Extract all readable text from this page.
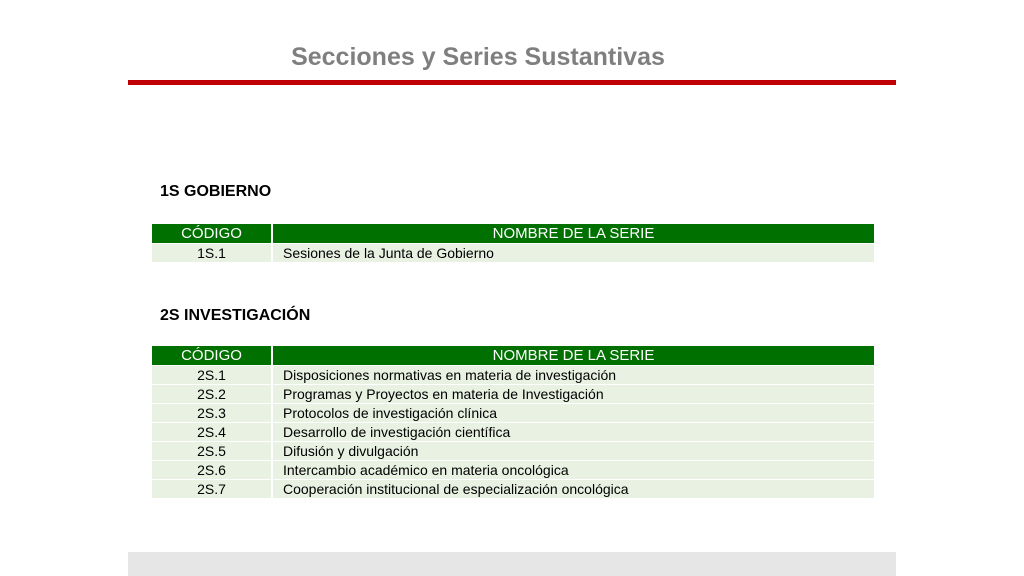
Secciones y Series Sustantivas
1S GOBIERNO
CÓDIGO	NOMBRE DE LA SERIE
1S.1	Sesiones de la Junta de Gobierno
2S INVESTIGACIÓN
CÓDIGO	NOMBRE DE LA SERIE
2S.1	Disposiciones normativas en materia de investigación
2S.2	Programas y Proyectos en materia de Investigación
2S.3	Protocolos de investigación clínica
2S.4	Desarrollo de investigación científica
2S.5	Difusión y divulgación
2S.6	Intercambio académico en materia oncológica
2S.7	Cooperación institucional de especialización oncológica
